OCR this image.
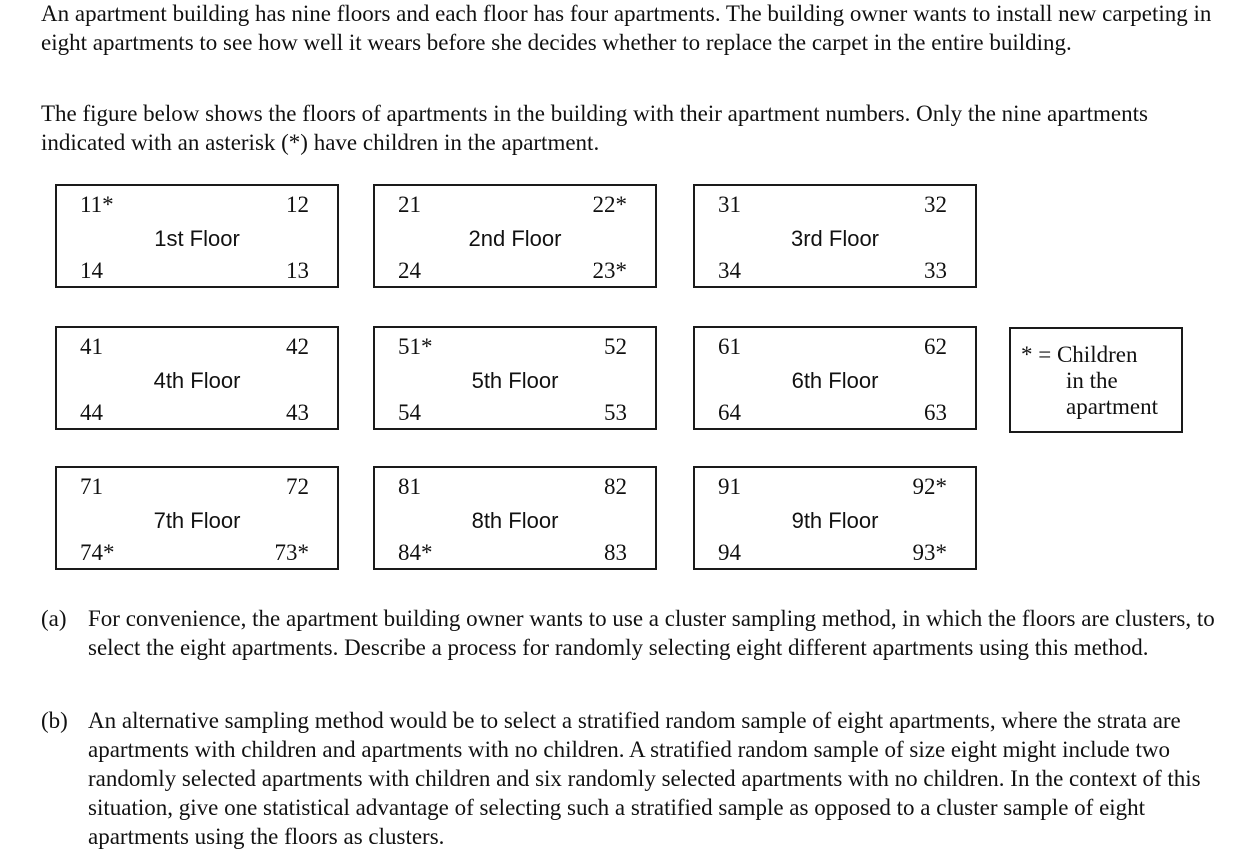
An apartment building has nine floors and each floor has four apartments. The building owner wants to install new carpeting in eight apartments to see how well it wears before she decides whether to replace the carpet in the entire building.

The figure below shows the floors of apartments in the building with their apartment numbers. Only the nine apartments indicated with an asterisk (*) have children in the apartment.

11*	12
1st Floor
14	13
21	22*
2nd Floor
24	23*
31	32
3rd Floor
34	33
41	42
4th Floor
44	43
51*	52
5th Floor
54	53
61	62
6th Floor
64	63
71	72
7th Floor
74*	73*
81	82
8th Floor
84*	83
91	92*
9th Floor
94	93*
* = Children
in the
apartment
(a) For convenience, the apartment building owner wants to use a cluster sampling method, in which the floors are clusters, to select the eight apartments. Describe a process for randomly selecting eight different apartments using this method.
(b) An alternative sampling method would be to select a stratified random sample of eight apartments, where the strata are apartments with children and apartments with no children. A stratified random sample of size eight might include two randomly selected apartments with children and six randomly selected apartments with no children. In the context of this situation, give one statistical advantage of selecting such a stratified sample as opposed to a cluster sample of eight apartments using the floors as clusters.
